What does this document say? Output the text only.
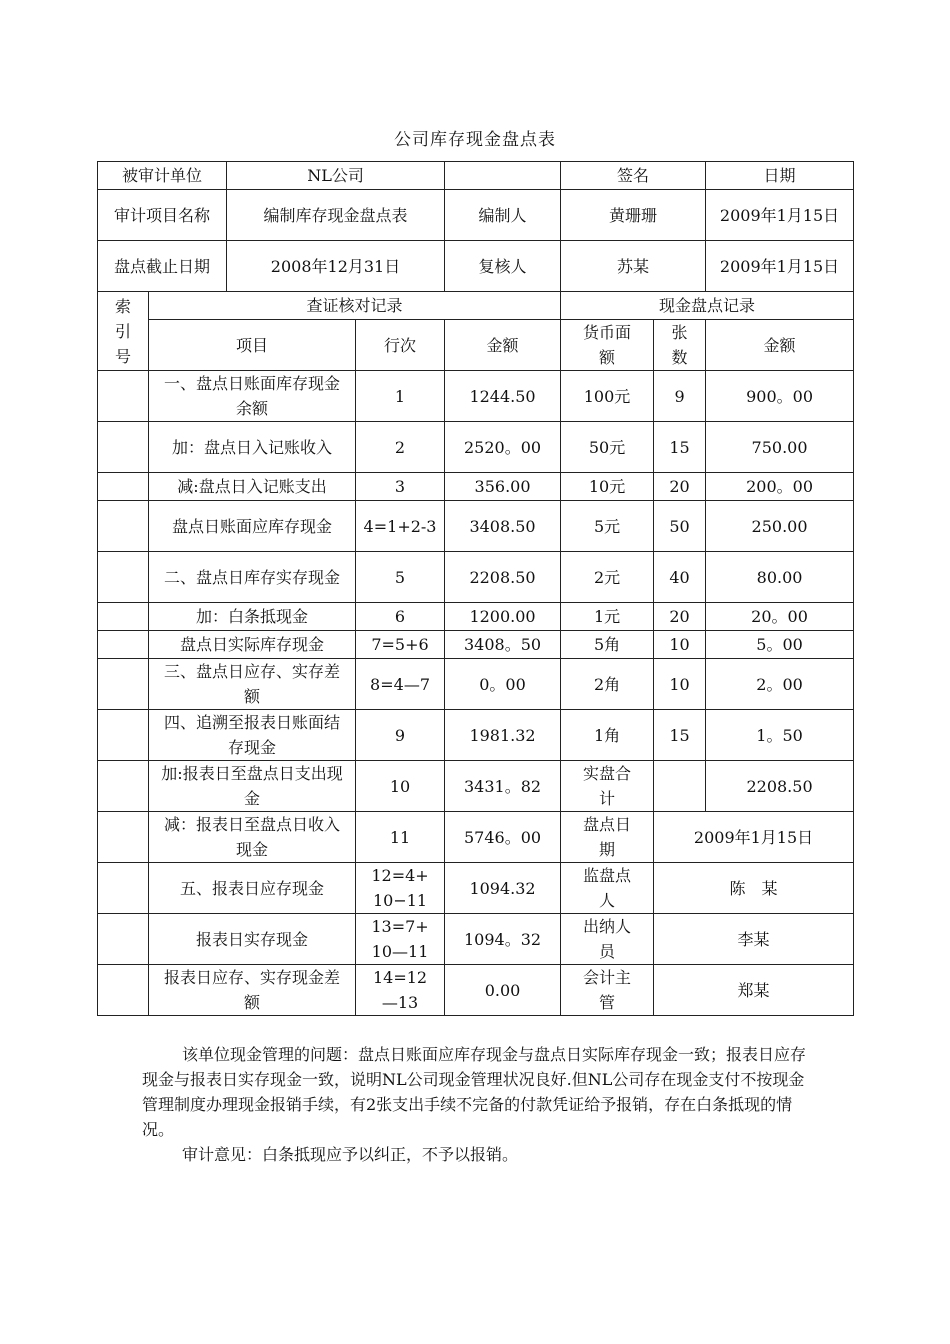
公司库存现金盘点表
被审计单位		NL公司			签名		日期
审计项目名称		编制库存现金盘点表		编制人	黄珊珊		2009年1月15日
盘点截止日期		2008年12月31日		复核人	苏某		2009年1月15日
索引号	查证核对记录				现金盘点记录		
	项目		行次	金额	货币面额	张数	金额

	一、盘点日账面库存现金余额		1	1244.50	100元	9	900。00
	加：盘点日入记账收入		2	2520。00	50元	15	750.00
	减:盘点日入记账支出		3	356.00	10元	20	200。00
	盘点日账面应库存现金		4=1+2-3	3408.50	5元	50	250.00
	二、盘点日库存实存现金		5	2208.50	2元	40	80.00
	加：白条抵现金		6	1200.00	1元	20	20。00
	盘点日实际库存现金		7=5+6	3408。50	5角	10	5。00
	三、盘点日应存、实存差额		8=4—7	0。00	2角	10	2。00
	四、追溯至报表日账面结存现金		9	1981.32	1角	15	1。50
	加:报表日至盘点日支出现金		10	3431。82	实盘合计		2208.50
	减：报表日至盘点日收入现金		11	5746。00	盘点日期	2009年1月15日	
	五、报表日应存现金		12=4+10−11	1094.32	监盘点人	陈　某	
	报表日实存现金		13=7+10—11	1094。32	出纳人员	李某	
	报表日应存、实存现金差额		14=12—13	0.00	会计主管	郑某	

该单位现金管理的问题：盘点日账面应库存现金与盘点日实际库存现金一致；报表日应存现金与报表日实存现金一致，说明NL公司现金管理状况良好.但NL公司存在现金支付不按现金管理制度办理现金报销手续，有2张支出手续不完备的付款凭证给予报销，存在白条抵现的情况。

审计意见：白条抵现应予以纠正，不予以报销。
